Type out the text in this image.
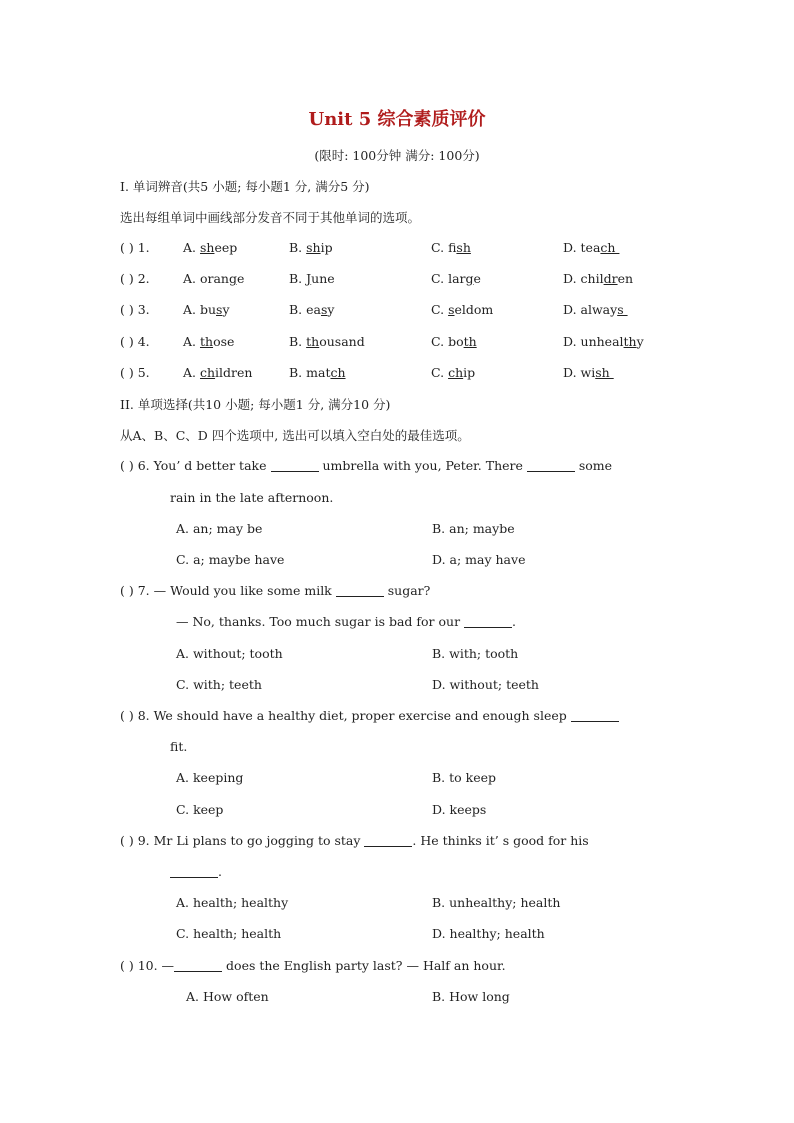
Unit 5 综合素质评价
(限时: 100分钟 满分: 100分)
I. 单词辨音(共5 小题; 每小题1 分, 满分5 分)
选出每组单词中画线部分发音不同于其他单词的选项。
( ) 1.	A. sheep	B. ship	C. fish	D. teach
( ) 2.	A. orange	B. June	C. large	D. children
( ) 3.	A. busy	B. easy	C. seldom	D. always
( ) 4.	A. those	B. thousand	C. both	D. unhealthy
( ) 5.	A. children	B. match	C. chip	D. wish
II. 单项选择(共10 小题; 每小题1 分, 满分10 分)
从A、B、C、D 四个选项中, 选出可以填入空白处的最佳选项。
( ) 6. You’ d better take	umbrella with you, Peter. There	some
rain in the late afternoon.
A. an; may be	B. an; maybe
C. a; maybe have	D. a; may have
( ) 7. — Would you like some milk	sugar?
— No, thanks. Too much sugar is bad for our	.
A. without; tooth	B. with; tooth
C. with; teeth	D. without; teeth
( ) 8. We should have a healthy diet, proper exercise and enough sleep
fit.
A. keeping	B. to keep
C. keep	D. keeps
( ) 9. Mr Li plans to go jogging to stay	. He thinks it’ s good for his
.
A. health; healthy	B. unhealthy; health
C. health; health	D. healthy; health
( ) 10. —	does the English party last? — Half an hour.
A. How often	B. How long
